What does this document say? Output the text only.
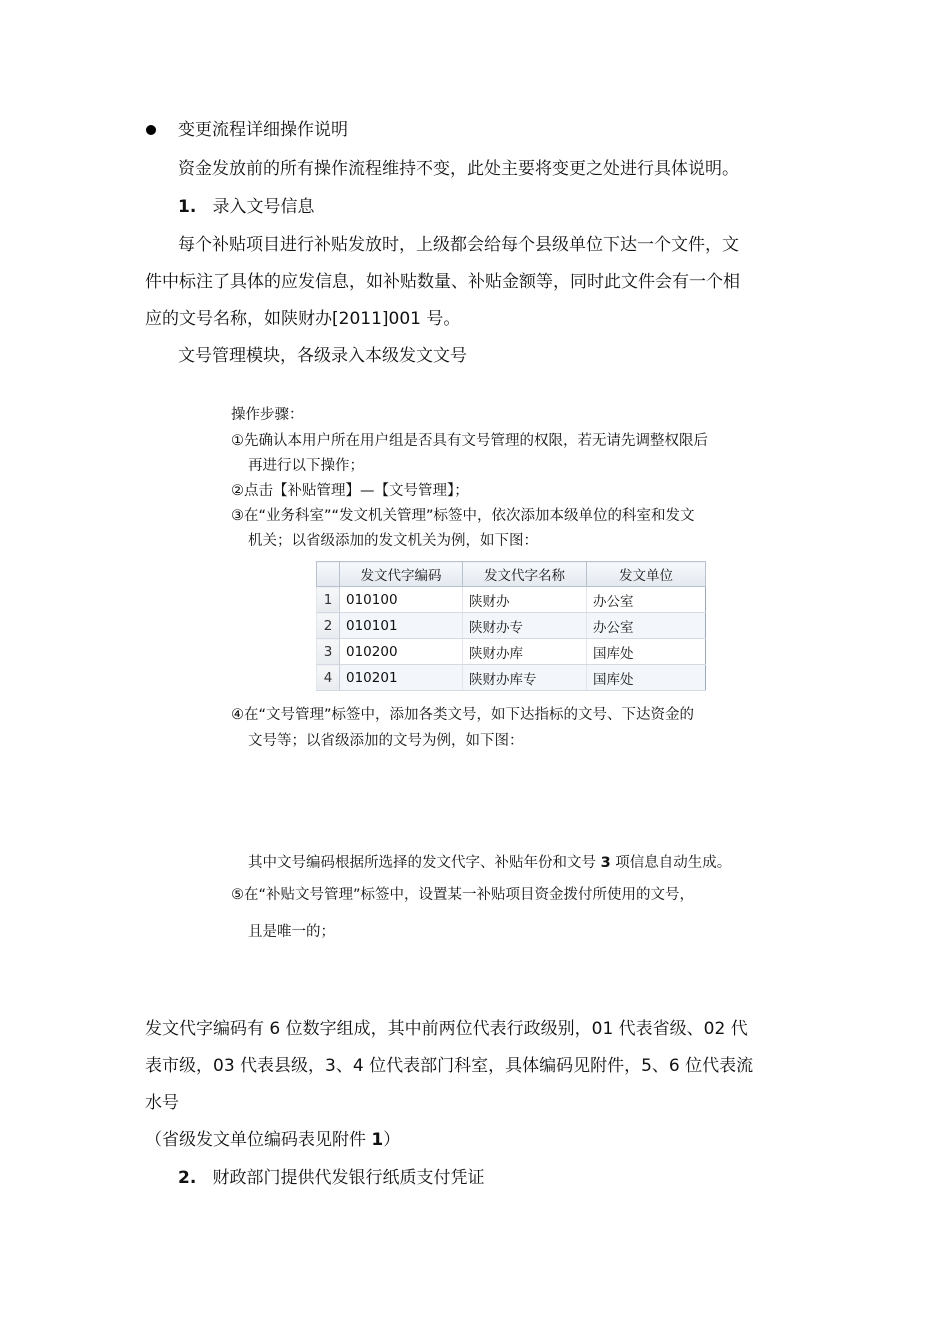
变更流程详细操作说明
资金发放前的所有操作流程维持不变，此处主要将变更之处进行具体说明。
1. 录入文号信息
每个补贴项目进行补贴发放时，上级都会给每个县级单位下达一个文件，文
件中标注了具体的应发信息，如补贴数量、补贴金额等，同时此文件会有一个相
应的文号名称，如陕财办[2011]001 号。
文号管理模块，各级录入本级发文文号
操作步骤：
①先确认本用户所在用户组是否具有文号管理的权限，若无请先调整权限后
再进行以下操作；
②点击【补贴管理】—【文号管理】；
③在“业务科室”“发文机关管理”标签中，依次添加本级单位的科室和发文
机关；以省级添加的发文机关为例，如下图：
	发文代字编码	发文代字名称	发文单位
1	010100	陕财办	办公室
2	010101	陕财办专	办公室
3	010200	陕财办库	国库处
4	010201	陕财办库专	国库处
④在“文号管理”标签中，添加各类文号，如下达指标的文号、下达资金的
文号等；以省级添加的文号为例，如下图：
其中文号编码根据所选择的发文代字、补贴年份和文号 3 项信息自动生成。
⑤在“补贴文号管理”标签中，设置某一补贴项目资金拨付所使用的文号，
且是唯一的；
发文代字编码有 6 位数字组成，其中前两位代表行政级别，01 代表省级、02 代
表市级，03 代表县级，3、4 位代表部门科室，具体编码见附件，5、6 位代表流
水号
（省级发文单位编码表见附件 1）
2. 财政部门提供代发银行纸质支付凭证
